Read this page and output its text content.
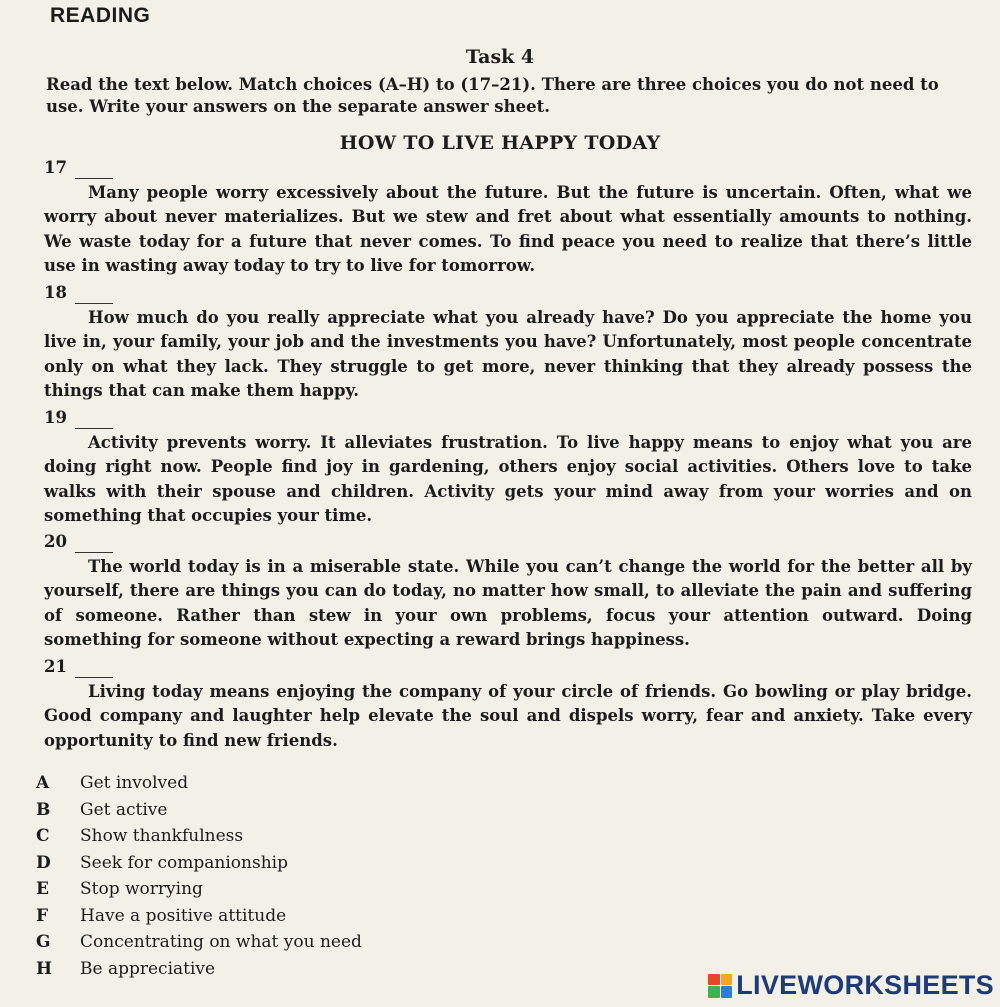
READING
Task 4
Read the text below. Match choices (A–H) to (17–21). There are three choices you do not need to use. Write your answers on the separate answer sheet.
HOW TO LIVE HAPPY TODAY
17

Many people worry excessively about the future. But the future is uncertain. Often, what we worry about never materializes. But we stew and fret about what essentially amounts to nothing. We waste today for a future that never comes. To find peace you need to realize that there’s little use in wasting away today to try to live for tomorrow.

18

How much do you really appreciate what you already have? Do you appreciate the home you live in, your family, your job and the investments you have? Unfortunately, most people concentrate only on what they lack. They struggle to get more, never thinking that they already possess the things that can make them happy.

19

Activity prevents worry. It alleviates frustration. To live happy means to enjoy what you are doing right now. People find joy in gardening, others enjoy social activities. Others love to take walks with their spouse and children. Activity gets your mind away from your worries and on something that occupies your time.

20

The world today is in a miserable state. While you can’t change the world for the better all by yourself, there are things you can do today, no matter how small, to alleviate the pain and suffering of someone. Rather than stew in your own problems, focus your attention outward. Doing something for someone without expecting a reward brings happiness.

21

Living today means enjoying the company of your circle of friends. Go bowling or play bridge. Good company and laughter help elevate the soul and dispels worry, fear and anxiety. Take every opportunity to find new friends.

A	Get involved
B	Get active
C	Show thankfulness
D	Seek for companionship
E	Stop worrying
F	Have a positive attitude
G	Concentrating on what you need
H	Be appreciative
LIVEWORKSHEETS
